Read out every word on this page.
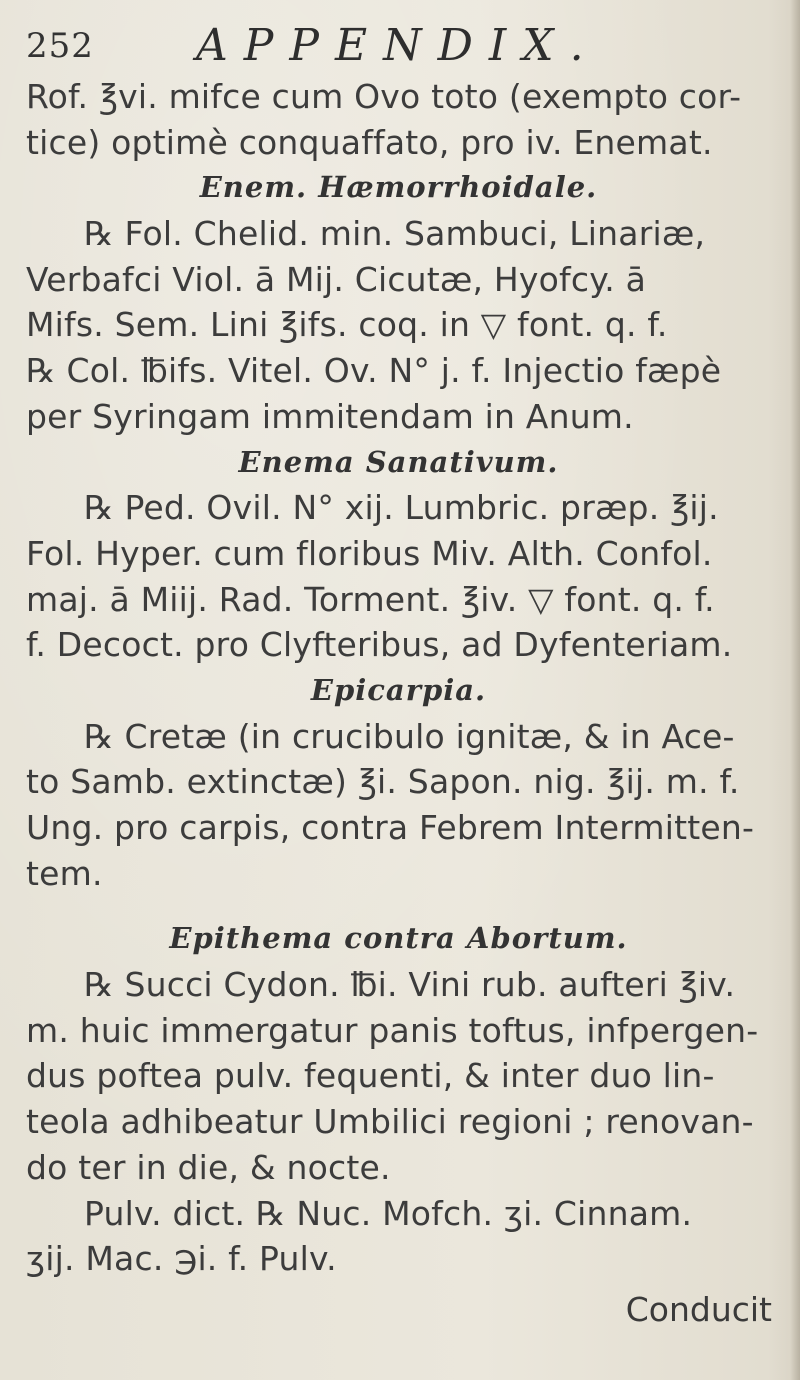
252 APPENDIX.
Rof. ℥vi. mifce cum Ovo toto (exempto cor-
tice) optimè conquaffato, pro iv. Enemat.
Enem. Hæmorrhoidale.
℞ Fol. Chelid. min. Sambuci, Linariæ,
Verbafci Viol. ā Mij. Cicutæ, Hyofcy. ā
Mifs. Sem. Lini ℥ifs. coq. in ▽ font. q. f.
℞ Col. ℔ifs. Vitel. Ov. N° j. f. Injectio fæpè
per Syringam immitendam in Anum.
Enema Sanativum.
℞ Ped. Ovil. N° xij. Lumbric. præp. ℥ij.
Fol. Hyper. cum floribus Miv. Alth. Confol.
maj. ā Miij. Rad. Torment. ℥iv. ▽ font. q. f.
f. Decoct. pro Clyfteribus, ad Dyfenteriam.
Epicarpia.
℞ Cretæ (in crucibulo ignitæ, & in Ace-
to Samb. extinctæ) ℥i. Sapon. nig. ℥ij. m. f.
Ung. pro carpis, contra Febrem Intermitten-
tem.
Epithema contra Abortum.
℞ Succi Cydon. ℔i. Vini rub. aufteri ℥iv.
m. huic immergatur panis toftus, infpergen-
dus poftea pulv. fequenti, & inter duo lin-
teola adhibeatur Umbilici regioni ; renovan-
do ter in die, & nocte.
Pulv. dict. ℞ Nuc. Mofch. ʒi. Cinnam.
ʒij. Mac. ℈i. f. Pulv.
Conducit
